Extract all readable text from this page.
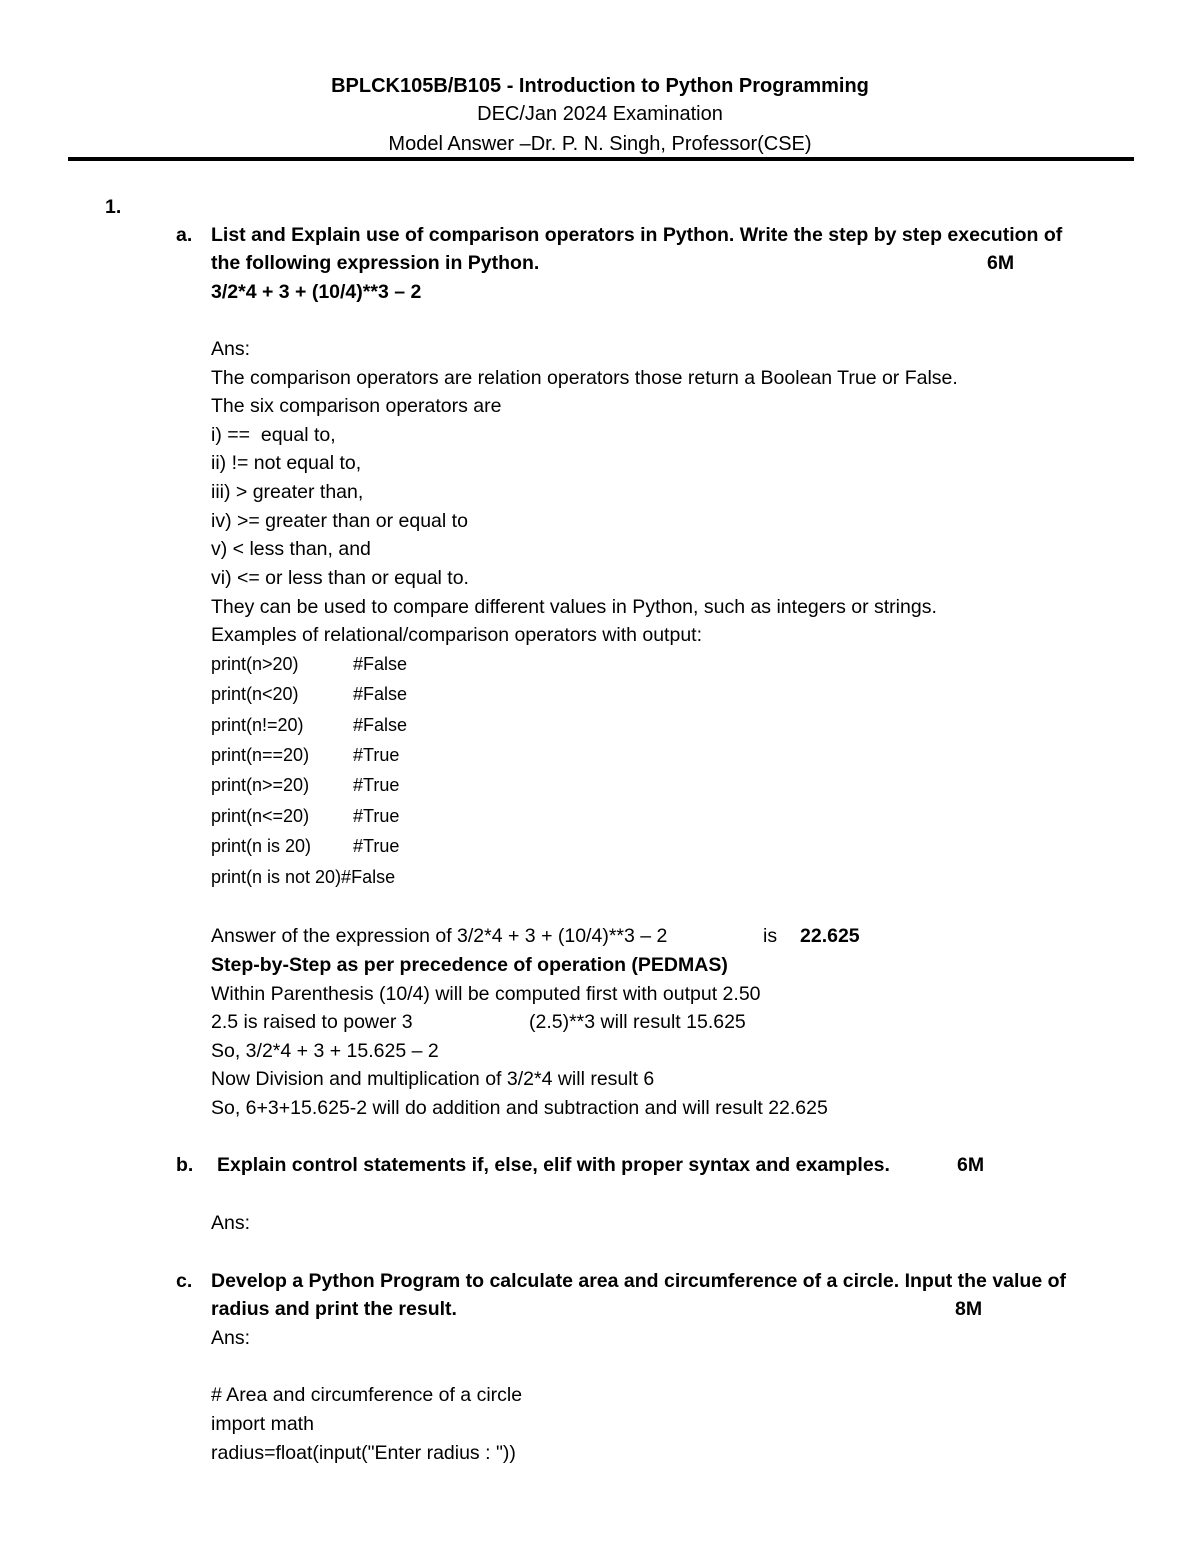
BPLCK105B/B105 - Introduction to Python Programming
DEC/Jan 2024 Examination
Model Answer –Dr. P. N. Singh, Professor(CSE)
1.
a. List and Explain use of comparison operators in Python. Write the step by step execution of
the following expression in Python.	6M
3/2*4 + 3 + (10/4)**3 – 2
Ans:
The comparison operators are relation operators those return a Boolean True or False.
The six comparison operators are
i) ==  equal to,
ii) != not equal to,
iii) > greater than,
iv) >= greater than or equal to
v) < less than, and
vi) <= or less than or equal to.
They can be used to compare different values in Python, such as integers or strings.
Examples of relational/comparison operators with output:
print(n>20)	#False
print(n<20)	#False
print(n!=20)	#False
print(n==20) #True
print(n>=20) #True
print(n<=20) #True
print(n is 20) #True
print(n is not 20)#False
Answer of the expression of 3/2*4 + 3 + (10/4)**3 – 2	is 22.625
Step-by-Step as per precedence of operation (PEDMAS)
Within Parenthesis (10/4) will be computed first with output 2.50
2.5 is raised to power 3	(2.5)**3 will result 15.625
So, 3/2*4 + 3 + 15.625 – 2
Now Division and multiplication of 3/2*4 will result 6
So, 6+3+15.625-2 will do addition and subtraction and will result 22.625
b. Explain control statements if, else, elif with proper syntax and examples.	6M
Ans:
c. Develop a Python Program to calculate area and circumference of a circle. Input the value of
radius and print the result.	8M
Ans:
# Area and circumference of a circle
import math
radius=float(input("Enter radius : "))
